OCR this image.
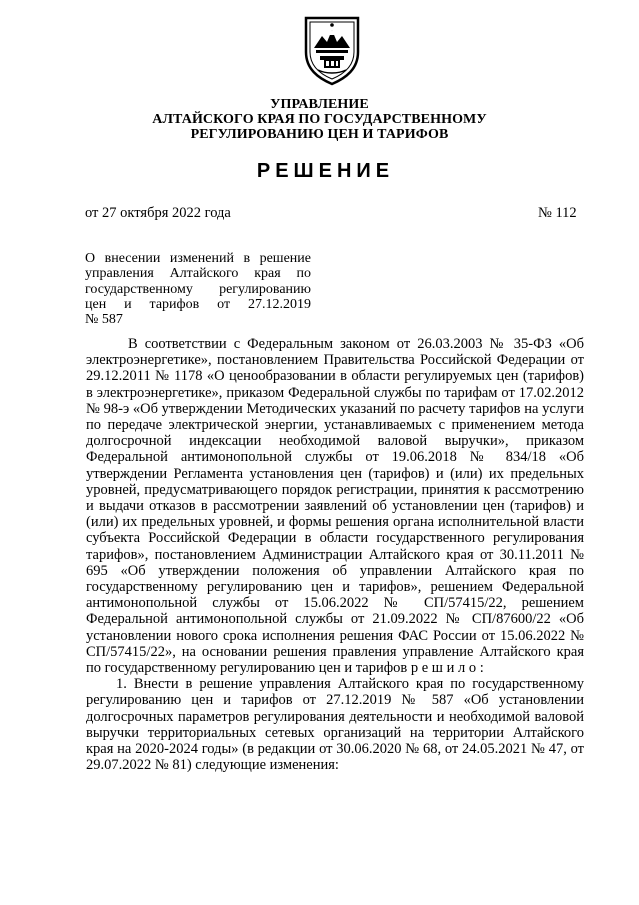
УПРАВЛЕНИЕ
АЛТАЙСКОГО КРАЯ ПО ГОСУДАРСТВЕННОМУ
РЕГУЛИРОВАНИЮ ЦЕН И ТАРИФОВ
РЕШЕНИЕ
от 27 октября 2022 года	№ 112
О внесении изменений в решение
управления Алтайского края по
государственному регулированию
цен и тарифов от 27.12.2019
№ 587

В соответствии с Федеральным законом от 26.03.2003 № 35-ФЗ «Об электроэнергетике», постановлением Правительства Российской Федерации от 29.12.2011 № 1178 «О ценообразовании в области регулируемых цен (тарифов) в электроэнергетике», приказом Федеральной службы по тарифам от 17.02.2012 № 98-э «Об утверждении Методических указаний по расчету тарифов на услуги по передаче электрической энергии, устанавливаемых с применением метода долгосрочной индексации необходимой валовой выручки», приказом Федеральной антимонопольной службы от 19.06.2018 № 834/18 «Об утверждении Регламента установления цен (тарифов) и (или) их предельных уровней, предусматривающего порядок регистрации, принятия к рассмотрению и выдачи отказов в рассмотрении заявлений об установлении цен (тарифов) и (или) их предельных уровней, и формы решения органа исполнительной власти субъекта Российской Федерации в области государственного регулирования тарифов», постановлением Администрации Алтайского края от 30.11.2011 № 695 «Об утверждении положения об управлении Алтайского края по государственному регулированию цен и тарифов», решением Федеральной антимонопольной службы от 15.06.2022 № СП/57415/22, решением Федеральной антимонопольной службы от 21.09.2022 № СП/87600/22 «Об установлении нового срока исполнения решения ФАС России от 15.06.2022 № СП/57415/22», на основании решения правления управление Алтайского края по государственному регулированию цен и тарифов р е ш и л о :

1. Внести в решение управления Алтайского края по государственному регулированию цен и тарифов от 27.12.2019 № 587 «Об установлении долгосрочных параметров регулирования деятельности и необходимой валовой выручки территориальных сетевых организаций на территории Алтайского края на 2020-2024 годы» (в редакции от 30.06.2020 № 68, от 24.05.2021 № 47, от 29.07.2022 № 81) следующие изменения:
